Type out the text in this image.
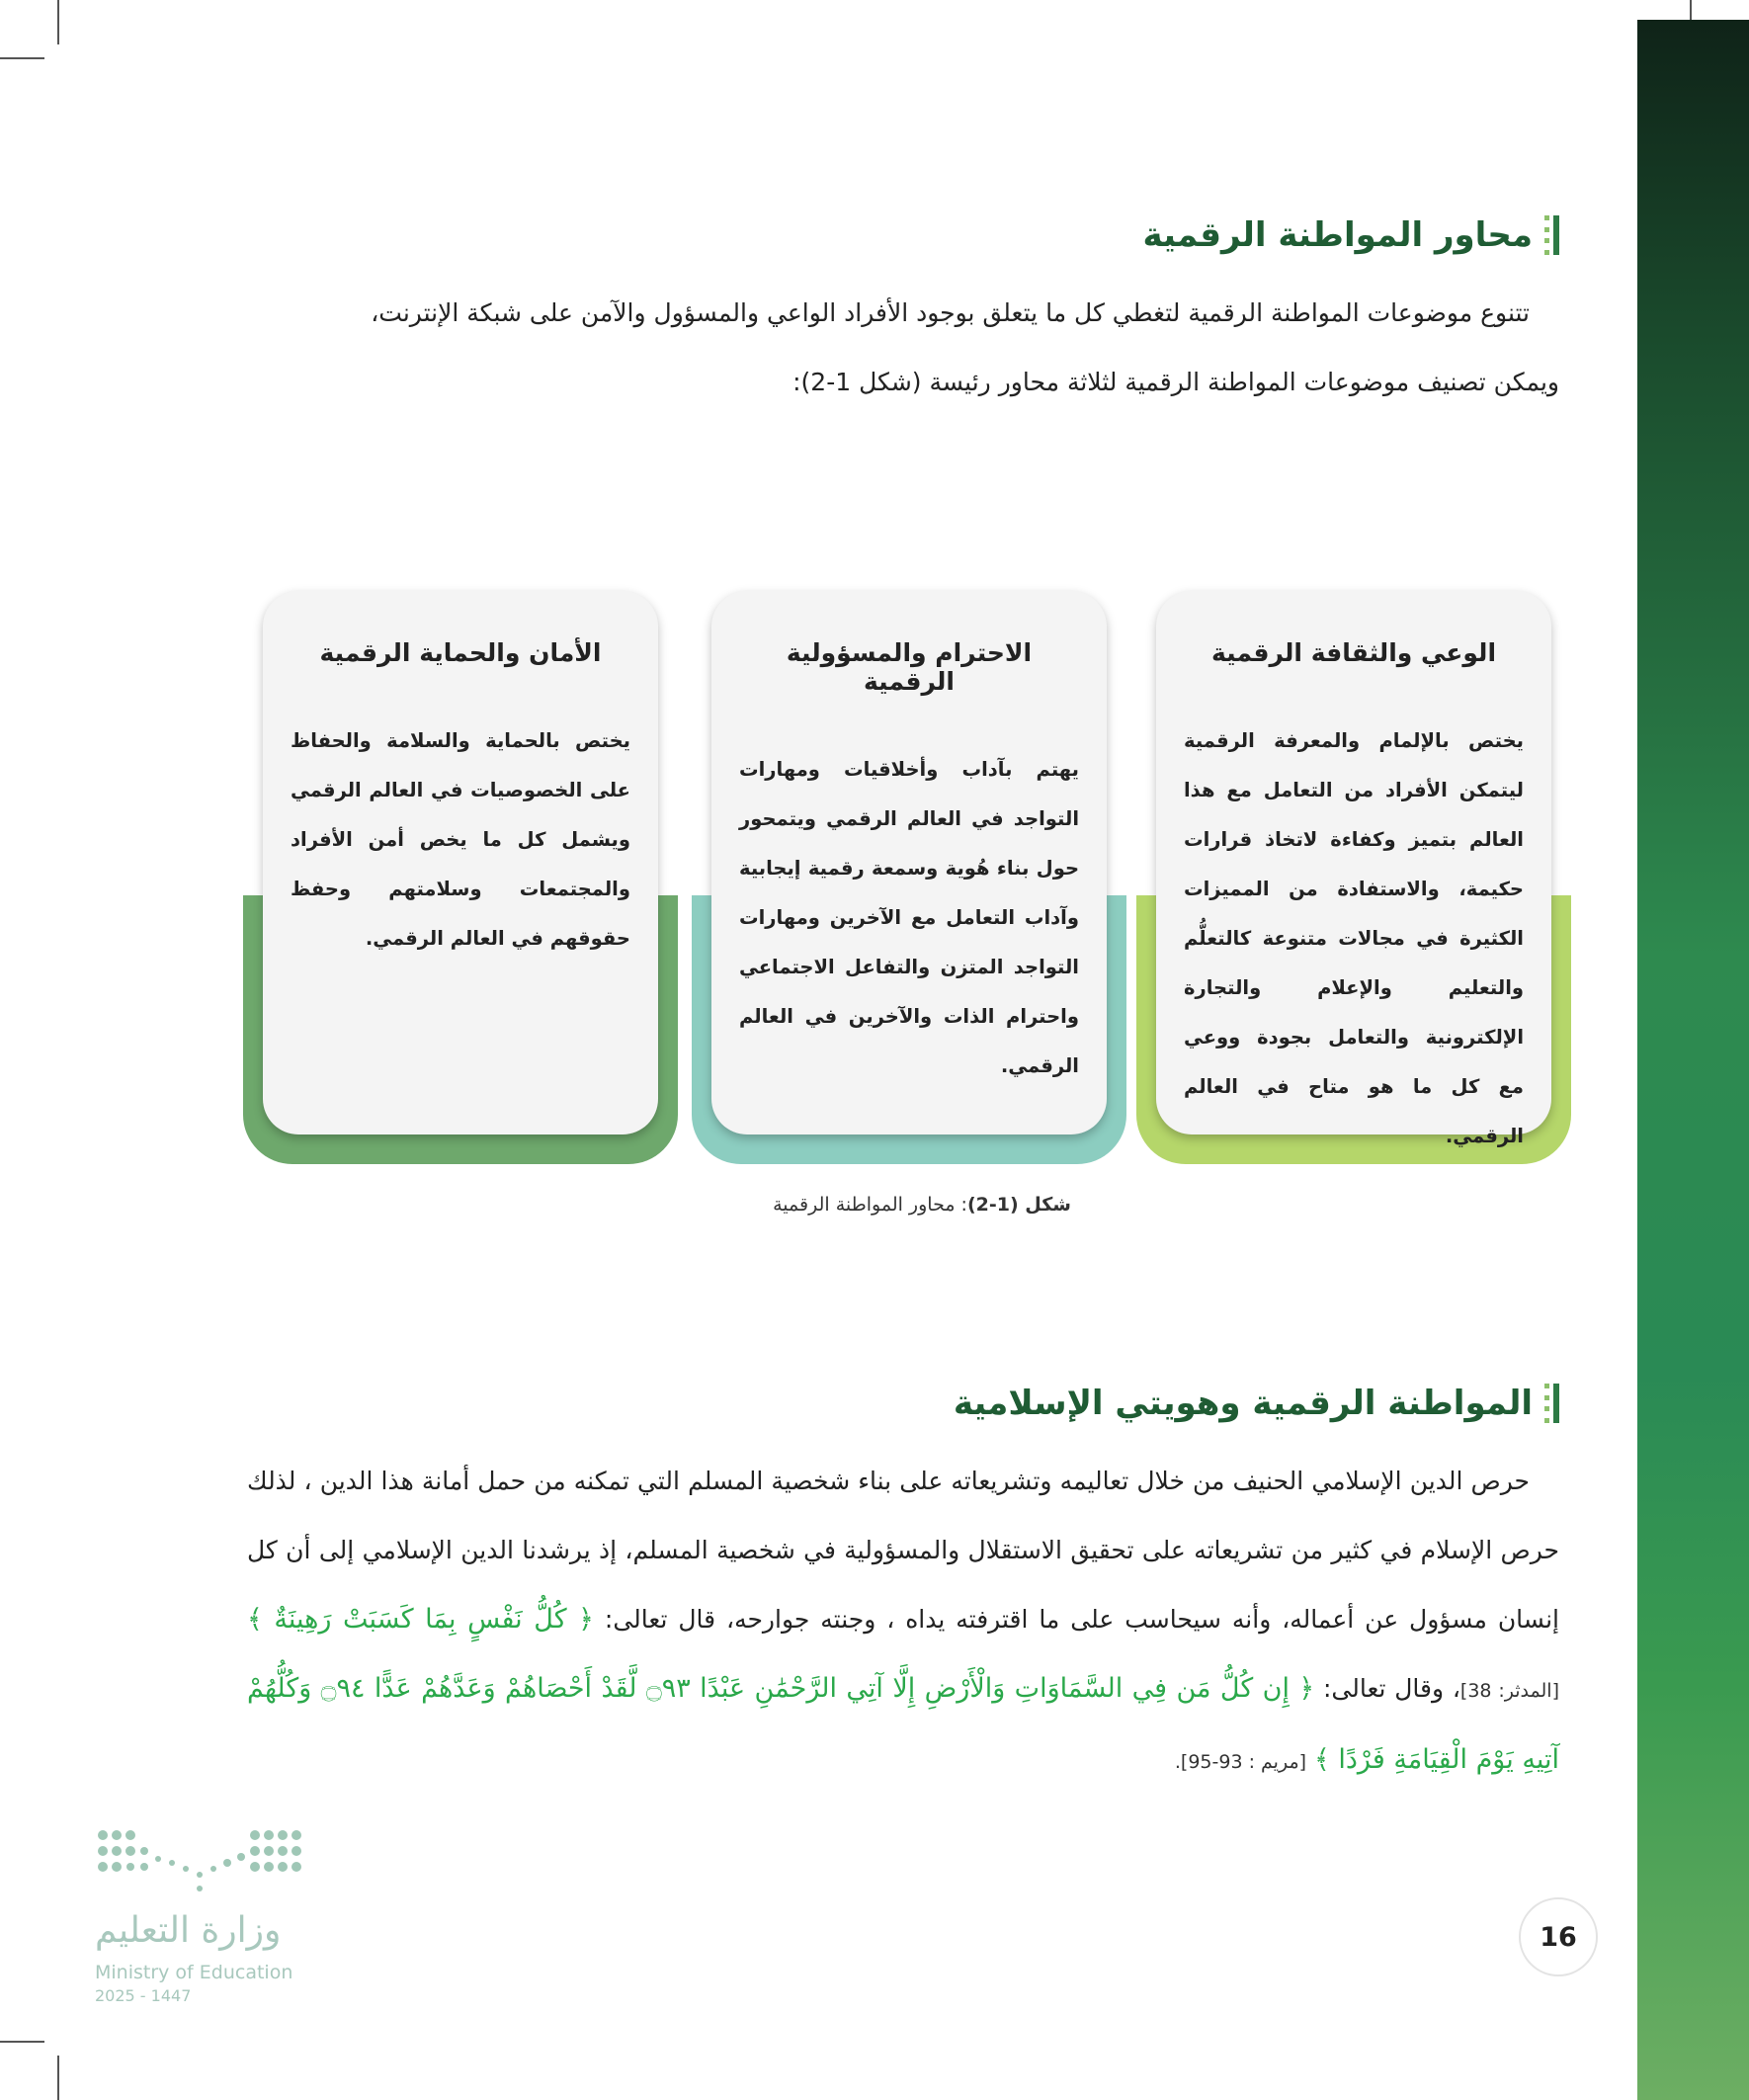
محاور المواطنة الرقمية

تتنوع موضوعات المواطنة الرقمية لتغطي كل ما يتعلق بوجود الأفراد الواعي والمسؤول والآمن على شبكة الإنترنت،

ويمكن تصنيف موضوعات المواطنة الرقمية لثلاثة محاور رئيسة (شكل 1-2):

الوعي والثقافة الرقمية
يختص بالإلمام والمعرفة الرقمية ليتمكن الأفراد من التعامل مع هذا العالم بتميز وكفاءة لاتخاذ قرارات حكيمة، والاستفادة من المميزات الكثيرة في مجالات متنوعة كالتعلُّم والتعليم والإعلام والتجارة الإلكترونية والتعامل بجودة ووعي مع كل ما هو متاح في العالم الرقمي.
الاحترام والمسؤولية الرقمية
يهتم بآداب وأخلاقيات ومهارات التواجد في العالم الرقمي ويتمحور حول بناء هُوية وسمعة رقمية إيجابية وآداب التعامل مع الآخرين ومهارات التواجد المتزن والتفاعل الاجتماعي واحترام الذات والآخرين في العالم الرقمي.
الأمان والحماية الرقمية
يختص بالحماية والسلامة والحفاظ على الخصوصيات في العالم الرقمي ويشمل كل ما يخص أمن الأفراد والمجتمعات وسلامتهم وحفظ حقوقهم في العالم الرقمي.
شكل (1-2): محاور المواطنة الرقمية
المواطنة الرقمية وهويتي الإسلامية

حرص الدين الإسلامي الحنيف من خلال تعاليمه وتشريعاته على بناء شخصية المسلم التي تمكنه من حمل أمانة هذا الدين ، لذلك حرص الإسلام في كثير من تشريعاته على تحقيق الاستقلال والمسؤولية في شخصية المسلم، إذ يرشدنا الدين الإسلامي إلى أن كل إنسان مسؤول عن أعماله، وأنه سيحاسب على ما اقترفته يداه ، وجنته جوارحه، قال تعالى: ﴿ كُلُّ نَفْسٍ بِمَا كَسَبَتْ رَهِينَةٌ ﴾ [المدثر: 38]، وقال تعالى: ﴿ إِن كُلُّ مَن فِي السَّمَاوَاتِ وَالْأَرْضِ إِلَّا آتِي الرَّحْمَٰنِ عَبْدًا ۝٩٣ لَّقَدْ أَحْصَاهُمْ وَعَدَّهُمْ عَدًّا ۝٩٤ وَكُلُّهُمْ آتِيهِ يَوْمَ الْقِيَامَةِ فَرْدًا ﴾ [مريم : 93-95].

وزارة التعليم
Ministry of Education
2025 - 1447
16
